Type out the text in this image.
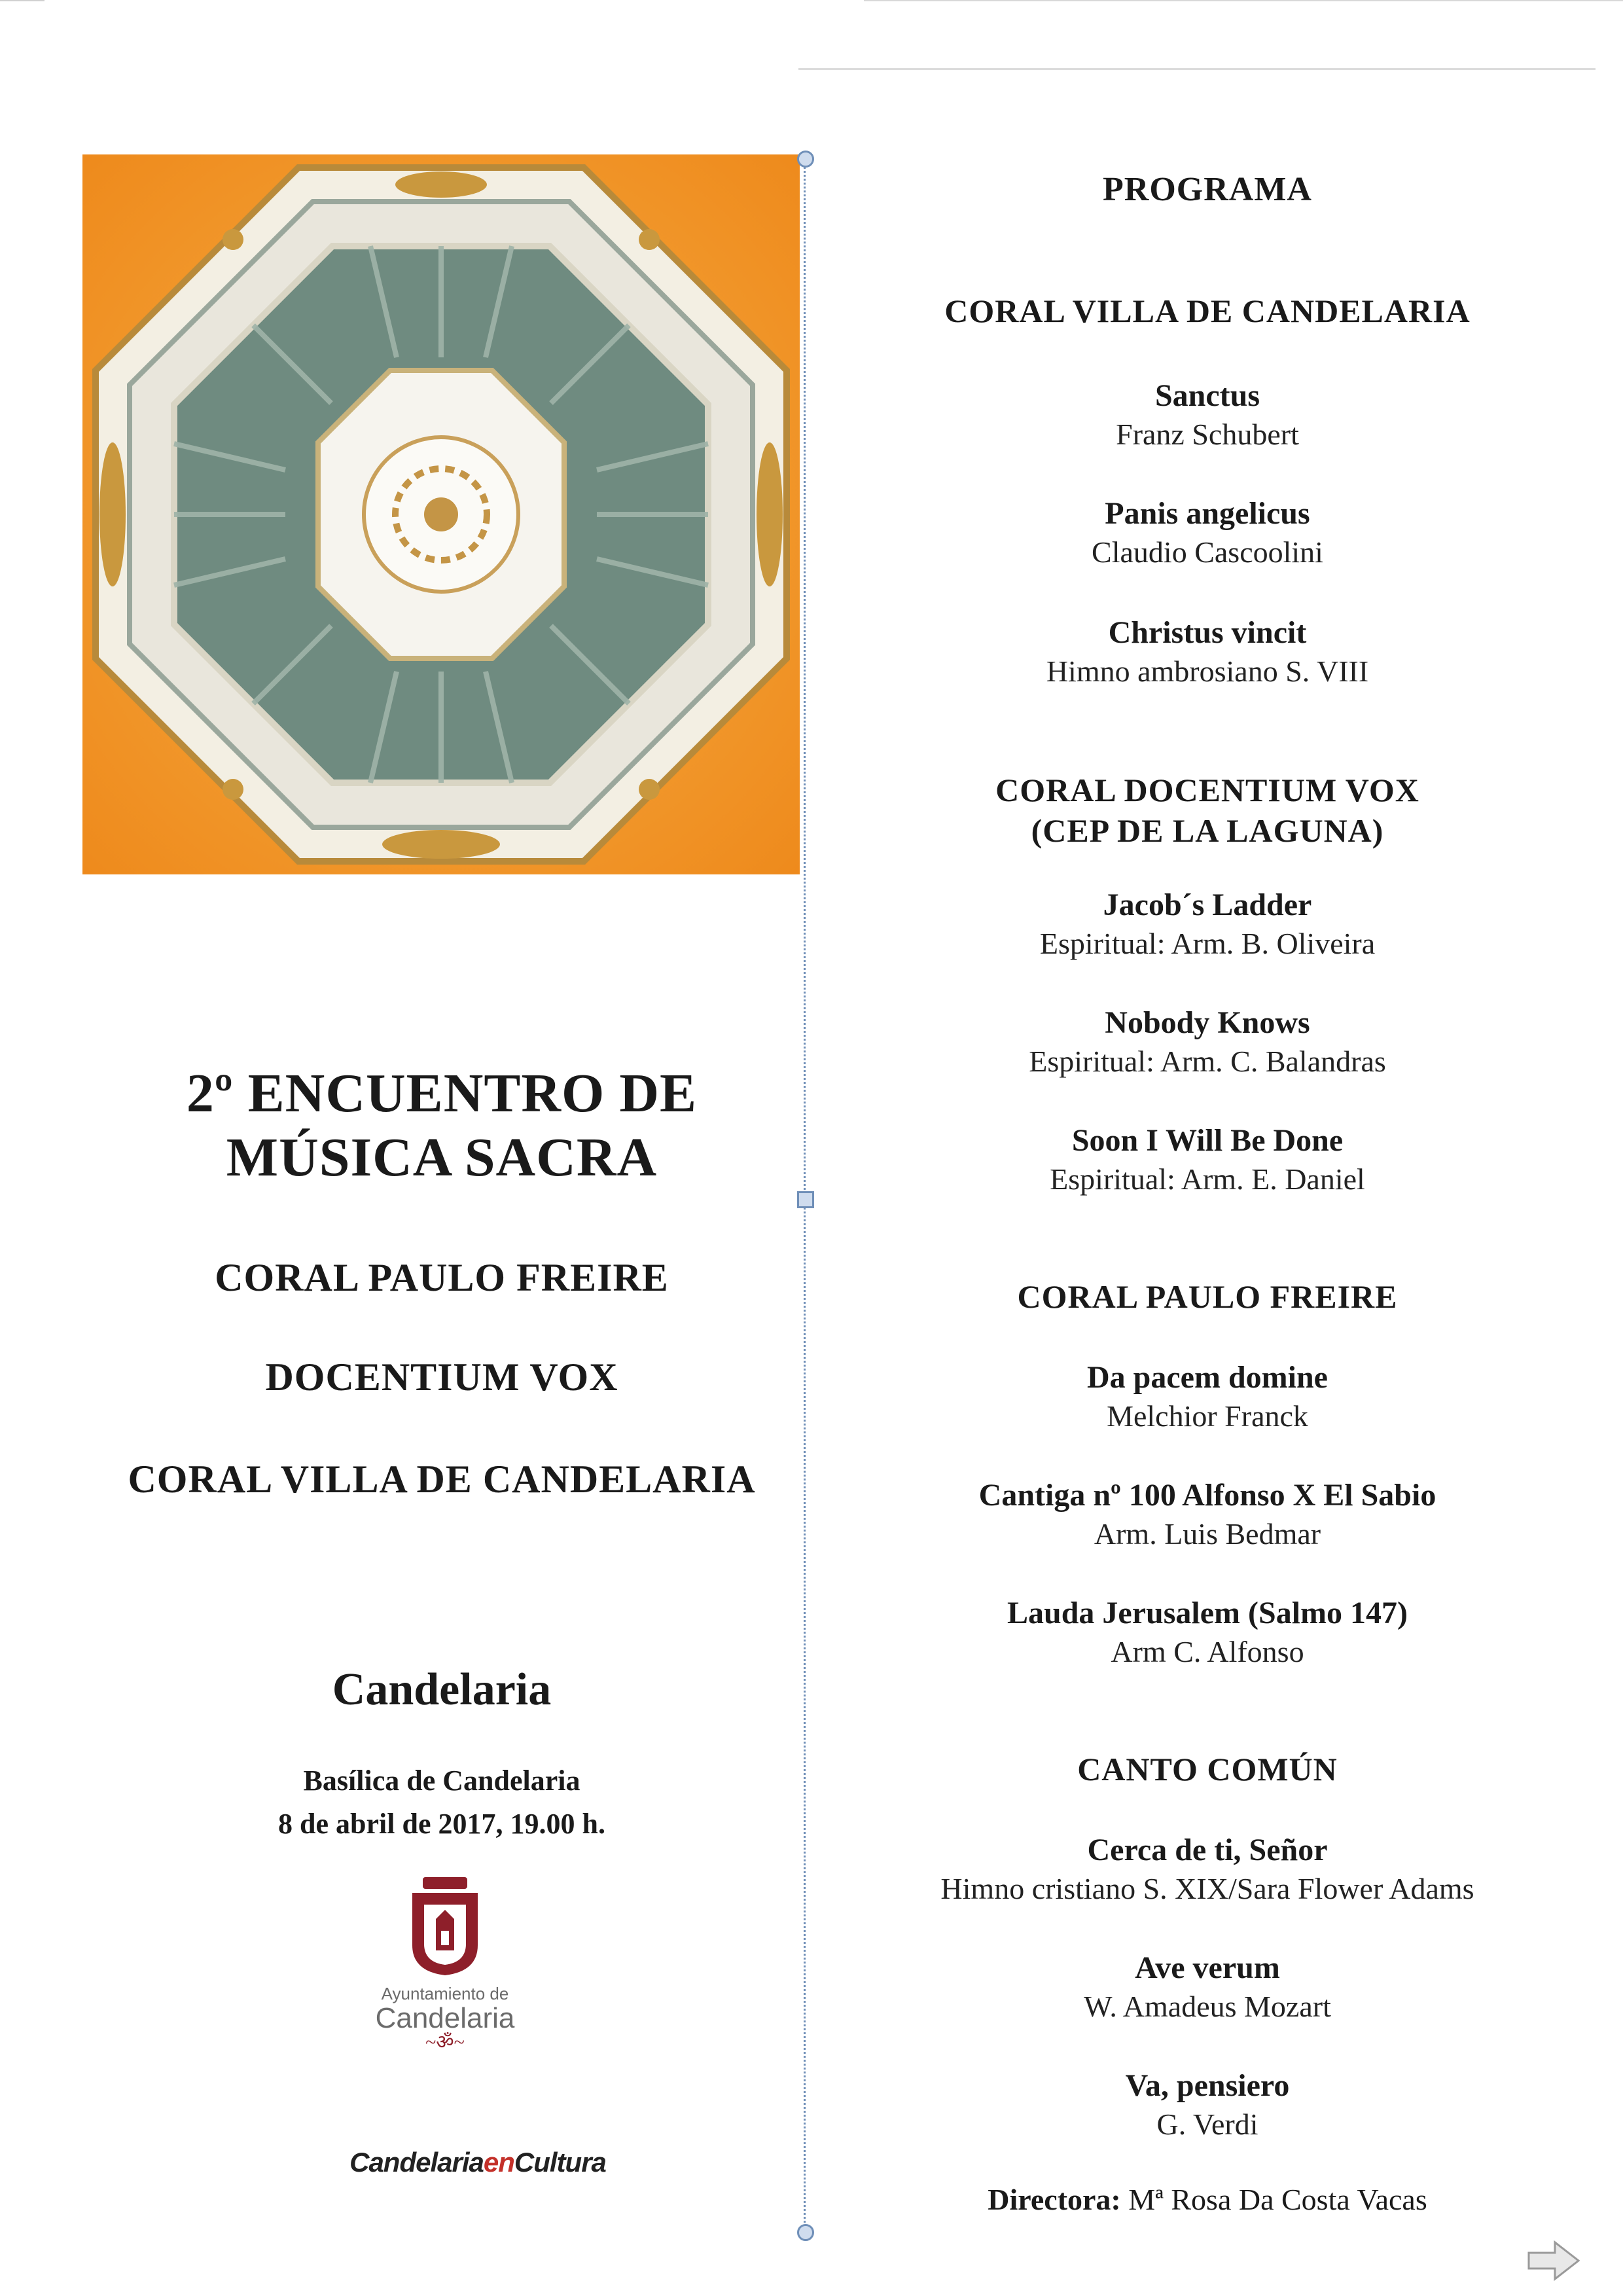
2º ENCUENTRO DE
MÚSICA SACRA
CORAL PAULO FREIRE
DOCENTIUM VOX
CORAL VILLA DE CANDELARIA
Candelaria
Basílica de Candelaria
8 de abril de 2017, 19.00 h.
Ayuntamiento de
Candelaria
~ॐ~
CandelariaenCultura
PROGRAMA
CORAL VILLA DE CANDELARIA
Sanctus
Franz Schubert
Panis angelicus
Claudio Cascoolini
Christus vincit
Himno ambrosiano S. VIII
CORAL DOCENTIUM VOX
(CEP DE LA LAGUNA)
Jacob´s Ladder
Espiritual: Arm. B. Oliveira
Nobody Knows
Espiritual: Arm. C. Balandras
Soon I Will Be Done
Espiritual: Arm. E. Daniel
CORAL PAULO FREIRE
Da pacem domine
Melchior Franck
Cantiga nº 100 Alfonso X El Sabio
Arm. Luis Bedmar
Lauda Jerusalem (Salmo 147)
Arm C. Alfonso
CANTO COMÚN
Cerca de ti, Señor
Himno cristiano S. XIX/Sara Flower Adams
Ave verum
W. Amadeus Mozart
Va, pensiero
G. Verdi
Directora: Mª Rosa Da Costa Vacas
